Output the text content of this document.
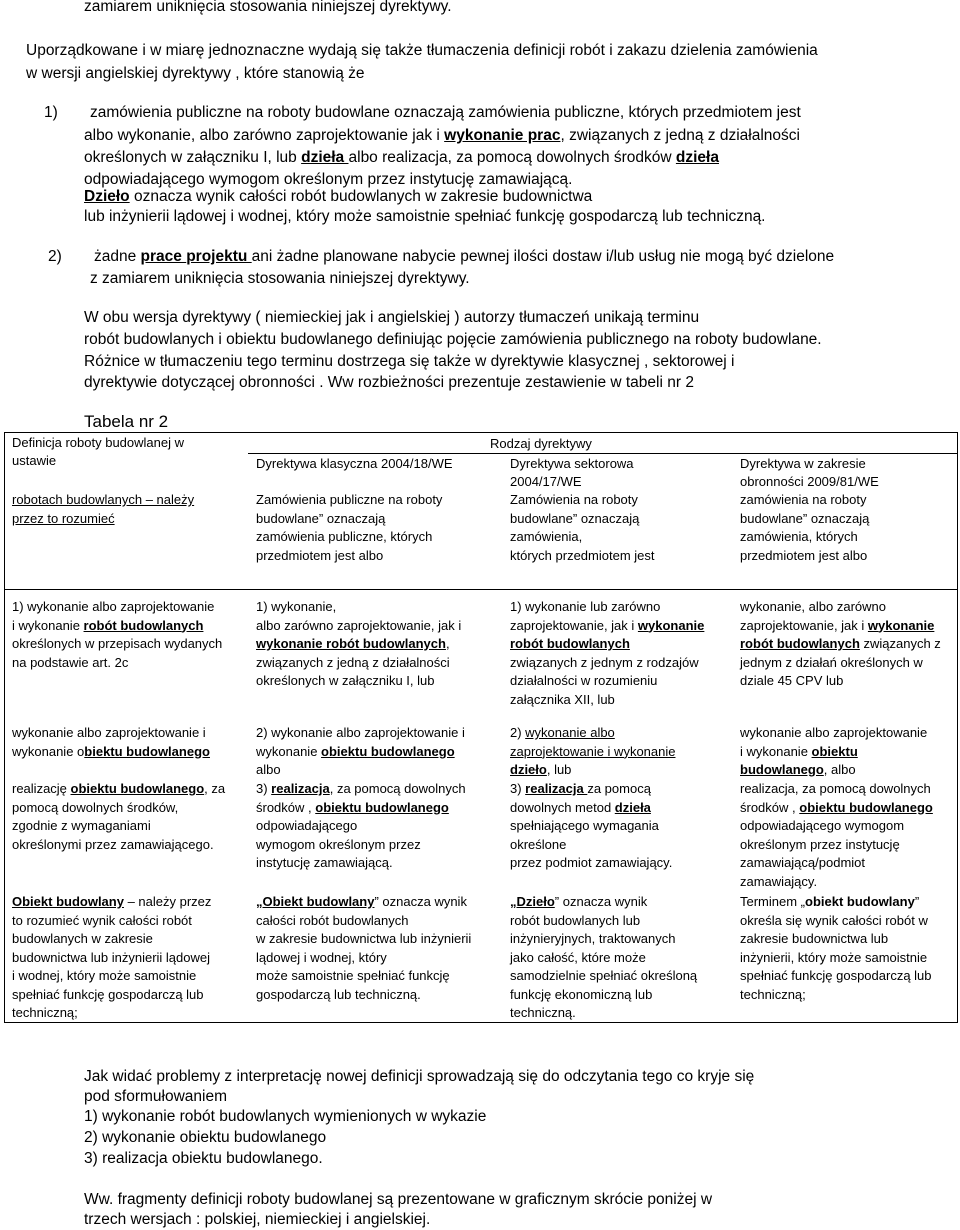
zamiarem uniknięcia stosowania niniejszej dyrektywy.
Uporządkowane i w miarę jednoznaczne wydają się także tłumaczenia definicji robót i zakazu dzielenia zamówienia
w wersji angielskiej dyrektywy , które stanowią że
1) zamówienia publiczne na roboty budowlane oznaczają zamówienia publiczne, których przedmiotem jest
albo wykonanie, albo zarówno zaprojektowanie jak i wykonanie prac, związanych z jedną z działalności
określonych w załączniku I, lub dzieła albo realizacja, za pomocą dowolnych środków dzieła
odpowiadającego wymogom określonym przez instytucję zamawiającą.
Dzieło oznacza wynik całości robót budowlanych w zakresie budownictwa
lub inżynierii lądowej i wodnej, który może samoistnie spełniać funkcję gospodarczą lub techniczną.
2) żadne prace projektu ani żadne planowane nabycie pewnej ilości dostaw i/lub usług nie mogą być dzielone
z zamiarem uniknięcia stosowania niniejszej dyrektywy.
W obu wersja dyrektywy ( niemieckiej jak i angielskiej ) autorzy tłumaczeń unikają terminu
robót budowlanych i obiektu budowlanego definiując pojęcie zamówienia publicznego na roboty budowlane.
Różnice w tłumaczeniu tego terminu dostrzega się także w dyrektywie klasycznej , sektorowej i
dyrektywie dotyczącej obronności . Ww rozbieżności prezentuje zestawienie w tabeli nr 2
Tabela nr 2
Definicja roboty budowlanej w
ustawie
Rodzaj dyrektywy
Dyrektywa klasyczna 2004/18/WE	Dyrektywa sektorowa
2004/17/WE
Dyrektywa w zakresie
obronności 2009/81/WE
robotach budowlanych – należy
przez to rozumieć
Zamówienia publiczne na roboty
budowlane” oznaczają
zamówienia publiczne, których
przedmiotem jest albo
Zamówienia na roboty
budowlane” oznaczają
zamówienia,
których przedmiotem jest
zamówienia na roboty
budowlane” oznaczają
zamówienia, których
przedmiotem jest albo
1) wykonanie albo zaprojektowanie
i wykonanie robót budowlanych
określonych w przepisach wydanych
na podstawie art. 2c
1) wykonanie,
albo zarówno zaprojektowanie, jak i
wykonanie robót budowlanych,
związanych z jedną z działalności
określonych w załączniku I, lub
1) wykonanie lub zarówno
zaprojektowanie, jak i wykonanie
robót budowlanych
związanych z jednym z rodzajów
działalności w rozumieniu
załącznika XII, lub
wykonanie, albo zarówno
zaprojektowanie, jak i wykonanie
robót budowlanych związanych z
jednym z działań określonych w
dziale 45 CPV lub
wykonanie albo zaprojektowanie i
wykonanie obiektu budowlanego
2) wykonanie albo zaprojektowanie i
wykonanie obiektu budowlanego
albo
2) wykonanie albo
zaprojektowanie i wykonanie
dzieło, lub
wykonanie albo zaprojektowanie
i wykonanie obiektu
budowlanego, albo
realizację obiektu budowlanego, za
pomocą dowolnych środków,
zgodnie z wymaganiami
określonymi przez zamawiającego.
3) realizacja, za pomocą dowolnych
środków , obiektu budowlanego
odpowiadającego
wymogom określonym przez
instytucję zamawiającą.
3) realizacja za pomocą
dowolnych metod dzieła
spełniającego wymagania
określone
przez podmiot zamawiający.
realizacja, za pomocą dowolnych
środków , obiektu budowlanego
odpowiadającego wymogom
określonym przez instytucję
zamawiającą/podmiot
zamawiający.
Obiekt budowlany – należy przez
to rozumieć wynik całości robót
budowlanych w zakresie
budownictwa lub inżynierii lądowej
i wodnej, który może samoistnie
spełniać funkcję gospodarczą lub
techniczną;
„Obiekt budowlany” oznacza wynik
całości robót budowlanych
w zakresie budownictwa lub inżynierii
lądowej i wodnej, który
może samoistnie spełniać funkcję
gospodarczą lub techniczną.
„Dzieło” oznacza wynik
robót budowlanych lub
inżynieryjnych, traktowanych
jako całość, które może
samodzielnie spełniać określoną
funkcję ekonomiczną lub
techniczną.
Terminem „obiekt budowlany”
określa się wynik całości robót w
zakresie budownictwa lub
inżynierii, który może samoistnie
spełniać funkcję gospodarczą lub
techniczną;
Jak widać problemy z interpretację nowej definicji sprowadzają się do odczytania tego co kryje się
pod sformułowaniem
1) wykonanie robót budowlanych wymienionych w wykazie
2) wykonanie obiektu budowlanego
3) realizacja obiektu budowlanego.
Ww. fragmenty definicji roboty budowlanej są prezentowane w graficznym skrócie poniżej w
trzech wersjach : polskiej, niemieckiej i angielskiej.
